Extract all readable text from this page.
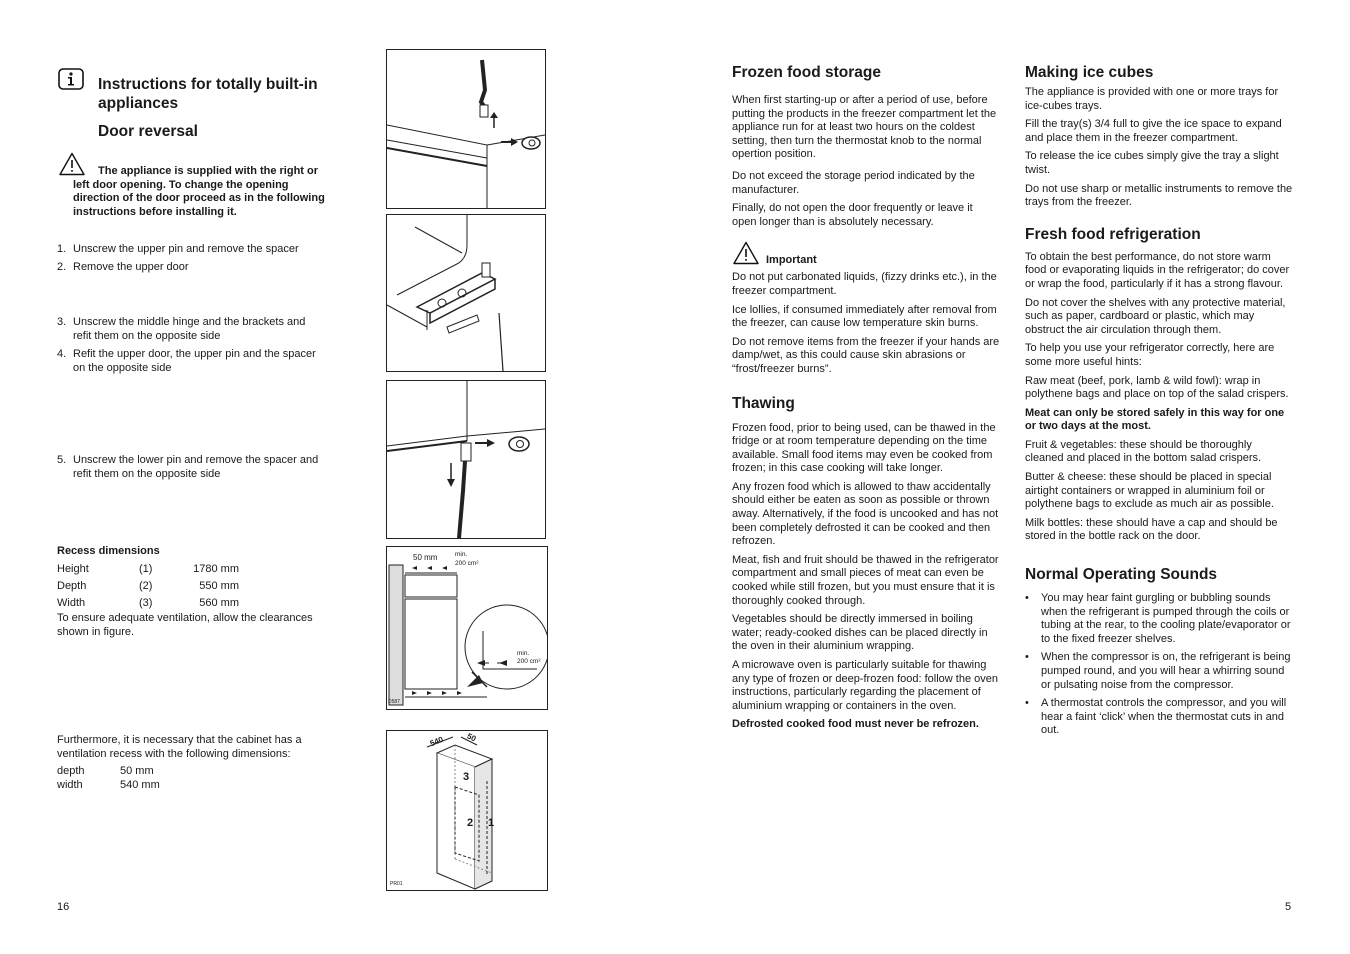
Instructions for totally built-in appliances
Door reversal
The appliance is supplied with the right or left door opening. To change the opening direction of the door proceed as in the following instructions before installing it.
1. Unscrew the upper pin and remove the spacer
2. Remove the upper door
3. Unscrew the middle hinge and the brackets and refit them on the opposite side
4. Refit the upper door, the upper pin and the spacer on the opposite side
5. Unscrew the lower pin and remove the spacer and refit them on the opposite side
Recess dimensions
Height	(1)	1780 mm
Depth	(2)	550 mm
Width	(3)	560 mm
To ensure adequate ventilation, allow the clearances shown in figure.
Furthermore, it is necessary that the cabinet has a ventilation recess with the following dimensions:
depth	50 mm
width	540 mm
16
50 mm	min.
200 cm²
min.
200 cm²
D587
540	50
3
2 1
PR01
Frozen food storage

When first starting-up or after a period of use, before putting the products in the freezer compartment let the appliance run for at least two hours on the coldest setting, then turn the thermostat knob to the normal opertion position.

Do not exceed the storage period indicated by the manufacturer.

Finally, do not open the door frequently or leave it open longer than is absolutely necessary.

Important

Do not put carbonated liquids, (fizzy drinks etc.), in the freezer compartment.

Ice lollies, if consumed immediately after removal from the freezer, can cause low temperature skin burns.

Do not remove items from the freezer if your hands are damp/wet, as this could cause skin abrasions or “frost/freezer burns”.

Thawing

Frozen food, prior to being used, can be thawed in the fridge or at room temperature depending on the time available. Small food items may even be cooked from frozen; in this case cooking will take longer.

Any frozen food which is allowed to thaw accidentally should either be eaten as soon as possible or thrown away. Alternatively, if the food is uncooked and has not been completely defrosted it can be cooked and then refrozen.

Meat, fish and fruit should be thawed in the refrigerator compartment and small pieces of meat can even be cooked while still frozen, but you must ensure that it is thoroughly cooked through.

Vegetables should be directly immersed in boiling water; ready-cooked dishes can be placed directly in the oven in their aluminium wrapping.

A microwave oven is particularly suitable for thawing any type of frozen or deep-frozen food: follow the oven instructions, particularly regarding the placement of aluminium wrapping or containers in the oven.

Defrosted cooked food must never be refrozen.

Making ice cubes

The appliance is provided with one or more trays for ice-cubes trays.

Fill the tray(s) 3/4 full to give the ice space to expand and place them in the freezer compartment.

To release the ice cubes simply give the tray a slight twist.

Do not use sharp or metallic instruments to remove the trays from the freezer.

Fresh food refrigeration

To obtain the best performance, do not store warm food or evaporating liquids in the refrigerator; do cover or wrap the food, particularly if it has a strong flavour.

Do not cover the shelves with any protective material, such as paper, cardboard or plastic, which may obstruct the air circulation through them.

To help you use your refrigerator correctly, here are some more useful hints:

Raw meat (beef, pork, lamb & wild fowl): wrap in polythene bags and place on top of the salad crispers.

Meat can only be stored safely in this way for one or two days at the most.

Fruit & vegetables: these should be thoroughly cleaned and placed in the bottom salad crispers.

Butter & cheese: these should be placed in special airtight containers or wrapped in aluminium foil or polythene bags to exclude as much air as possible.

Milk bottles: these should have a cap and should be stored in the bottle rack on the door.

Normal Operating Sounds
• You may hear faint gurgling or bubbling sounds when the refrigerant is pumped through the coils or tubing at the rear, to the cooling plate/evaporator or to the fixed freezer shelves.
• When the compressor is on, the refrigerant is being pumped round, and you will hear a whirring sound or pulsating noise from the compressor.
• A thermostat controls the compressor, and you will hear a faint ‘click’ when the thermostat cuts in and out.
5
